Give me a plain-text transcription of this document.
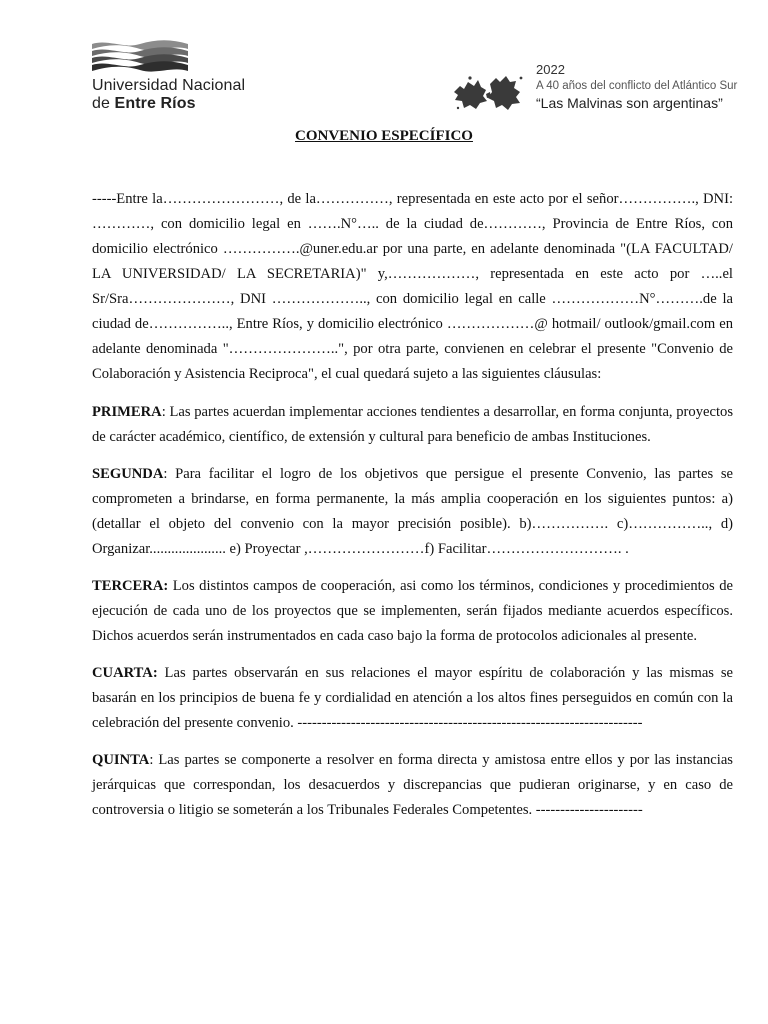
Universidad Nacional
de Entre Ríos
2022
A 40 años del conflicto del Atlántico Sur
“Las Malvinas son argentinas”
CONVENIO ESPECÍFICO

-----Entre la……………………, de la……………, representada en este acto por el señor……………., DNI: …………, con domicilio legal en …….N°….. de la ciudad de…………, Provincia de Entre Ríos, con domicilio electrónico …………….@uner.edu.ar por una parte, en adelante denominada "(LA FACULTAD/ LA UNIVERSIDAD/ LA SECRETARIA)" y,………………, representada en este acto por …..el Sr/Sra…………………, DNI ……………….., con domicilio legal en calle ………………N°……….de la ciudad de…………….., Entre Ríos, y domicilio electrónico ………………@ hotmail/ outlook/gmail.com en adelante denominada "…………………..", por otra parte, convienen en celebrar el presente "Convenio de Colaboración y Asistencia Reciproca", el cual quedará sujeto a las siguientes cláusulas:

PRIMERA: Las partes acuerdan implementar acciones tendientes a desarrollar, en forma conjunta, proyectos de carácter académico, científico, de extensión y cultural para beneficio de ambas Instituciones.

SEGUNDA: Para facilitar el logro de los objetivos que persigue el presente Convenio, las partes se comprometen a brindarse, en forma permanente, la más amplia cooperación en los siguientes puntos: a) (detallar el objeto del convenio con la mayor precisión posible). b)……………. c)…………….., d) Organizar..................... e) Proyectar ,……………………f) Facilitar………………………. .

TERCERA: Los distintos campos de cooperación, asi como los términos, condiciones y procedimientos de ejecución de cada uno de los proyectos que se implementen, serán fijados mediante acuerdos específicos. Dichos acuerdos serán instrumentados en cada caso bajo la forma de protocolos adicionales al presente.

CUARTA: Las partes observarán en sus relaciones el mayor espíritu de colaboración y las mismas se basarán en los principios de buena fe y cordialidad en atención a los altos fines perseguidos en común con la celebración del presente convenio. -----------------------------------------------------------------------

QUINTA: Las partes se componerte a resolver en forma directa y amistosa entre ellos y por las instancias jerárquicas que correspondan, los desacuerdos y discrepancias que pudieran originarse, y en caso de controversia o litigio se someterán a los Tribunales Federales Competentes. ----------------------
